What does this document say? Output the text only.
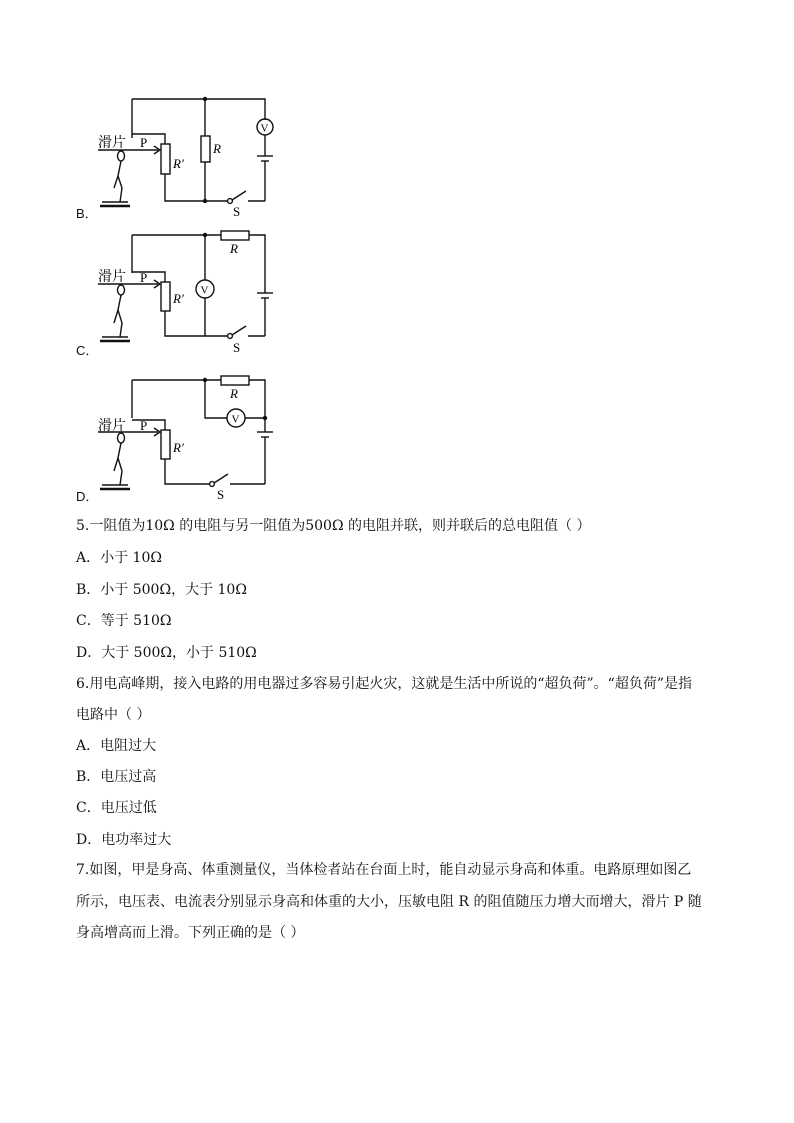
滑片 P
R′
R
V
S
B．
滑片 P
R′
R
V
S
C．
滑片 P
R′
R
V
S
D．
5.一阻值为10Ω 的电阻与另一阻值为500Ω 的电阻并联，则并联后的总电阻值（ ）
A．小于 10Ω
B．小于 500Ω，大于 10Ω
C．等于 510Ω
D．大于 500Ω，小于 510Ω
6.用电高峰期，接入电路的用电器过多容易引起火灾，这就是生活中所说的“超负荷”。“超负荷”是指
电路中（ ）
A．电阻过大
B．电压过高
C．电压过低
D．电功率过大
7.如图，甲是身高、体重测量仪，当体检者站在台面上时，能自动显示身高和体重。电路原理如图乙
所示，电压表、电流表分别显示身高和体重的大小，压敏电阻 R 的阻值随压力增大而增大，滑片 P 随
身高增高而上滑。下列正确的是（ ）
